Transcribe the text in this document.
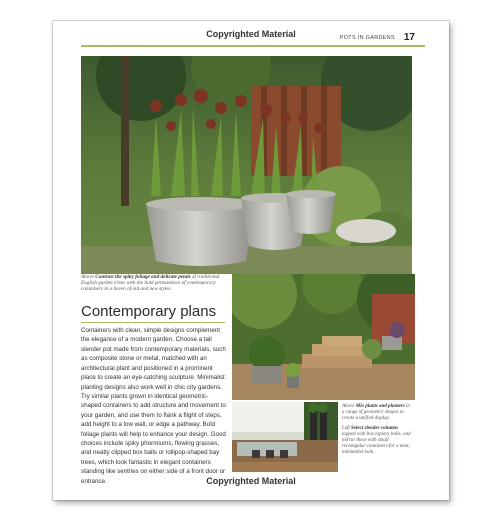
Copyrighted Material	POTS IN GARDENS 17
Above Contrast the spiky foliage and delicate petals of traditional English garden irises with the bold permanence of contemporary containers in a haven of old and new styles.
Contemporary plans
Containers with clean, simple designs complement the elegance of a modern garden. Choose a tall slender pot made from contemporary materials, such as composite stone or metal, matched with an architectural plant and positioned in a prominent place to create an eye-catching sculpture. Minimalist planting designs also work well in chic city gardens. Try similar plants grown in identical geometric-shaped containers to add structure and movement to your garden, and use them to flank a flight of steps, add height to a low wall, or edge a pathway. Bold foliage plants will help to enhance your design. Good choices include spiky phormiums, flowing grasses, and neatly clipped box balls or lollipop-shaped bay trees, which look fantastic in elegant containers standing like sentries on either side of a front door or entrance.

Above Mix plants and planters in a range of geometric shapes to create a unified display.

Left Select slender columns topped with box topiary balls, and mirror these with small rectangular containers for a neat, minimalist look.

Copyrighted Material
